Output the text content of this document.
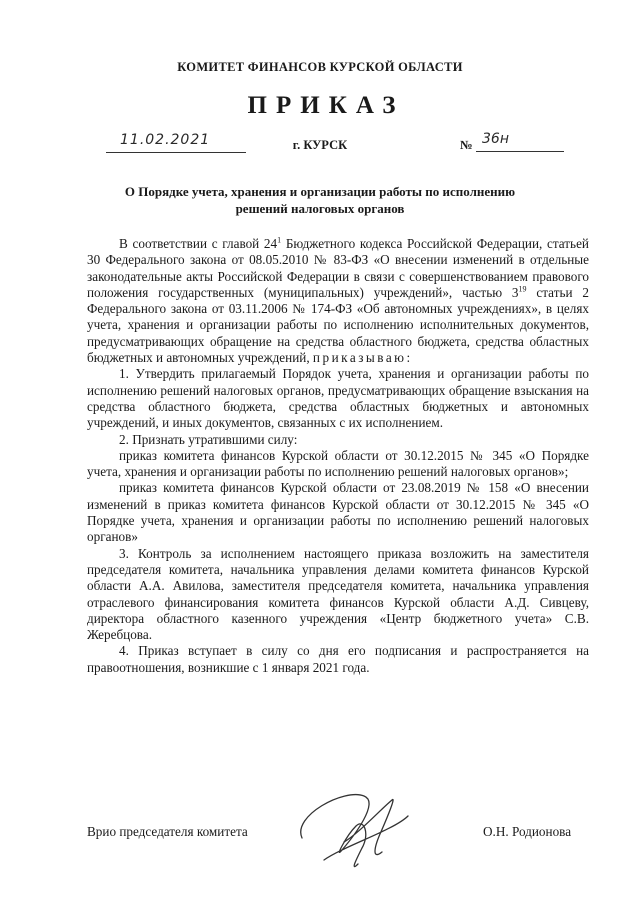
КОМИТЕТ ФИНАНСОВ КУРСКОЙ ОБЛАСТИ
ПРИКАЗ
11.02.2021	г. КУРСК	№ 36н
О Порядке учета, хранения и организации работы по исполнению
решений налоговых органов

В соответствии с главой $24^1$ Бюджетного кодекса Российской Федерации, статьей 30 Федерального закона от 08.05.2010 № 83-ФЗ «О внесении изменений в отдельные законодательные акты Российской Федерации в связи с совершенствованием правового положения государственных (муниципальных) учреждений», частью $3^{19}$ статьи 2 Федерального закона от 03.11.2006 № 174-ФЗ «Об автономных учреждениях», в целях учета, хранения и организации работы по исполнению исполнительных документов, предусматривающих обращение на средства областного бюджета, средства областных бюджетных и автономных учреждений, приказываю:

1. Утвердить прилагаемый Порядок учета, хранения и организации работы по исполнению решений налоговых органов, предусматривающих обращение взыскания на средства областного бюджета, средства областных бюджетных и автономных учреждений, и иных документов, связанных с их исполнением.

2. Признать утратившими силу:

приказ комитета финансов Курской области от 30.12.2015 № 345 «О Порядке учета, хранения и организации работы по исполнению решений налоговых органов»;

приказ комитета финансов Курской области от 23.08.2019 № 158 «О внесении изменений в приказ комитета финансов Курской области от 30.12.2015 № 345 «О Порядке учета, хранения и организации работы по исполнению решений налоговых органов»

3. Контроль за исполнением настоящего приказа возложить на заместителя председателя комитета, начальника управления делами комитета финансов Курской области А.А. Авилова, заместителя председателя комитета, начальника управления отраслевого финансирования комитета финансов Курской области А.Д. Сивцеву, директора областного казенного учреждения «Центр бюджетного учета» С.В. Жеребцова.

4. Приказ вступает в силу со дня его подписания и распространяется на правоотношения, возникшие с 1 января 2021 года.

Врио председателя комитета	О.Н. Родионова
